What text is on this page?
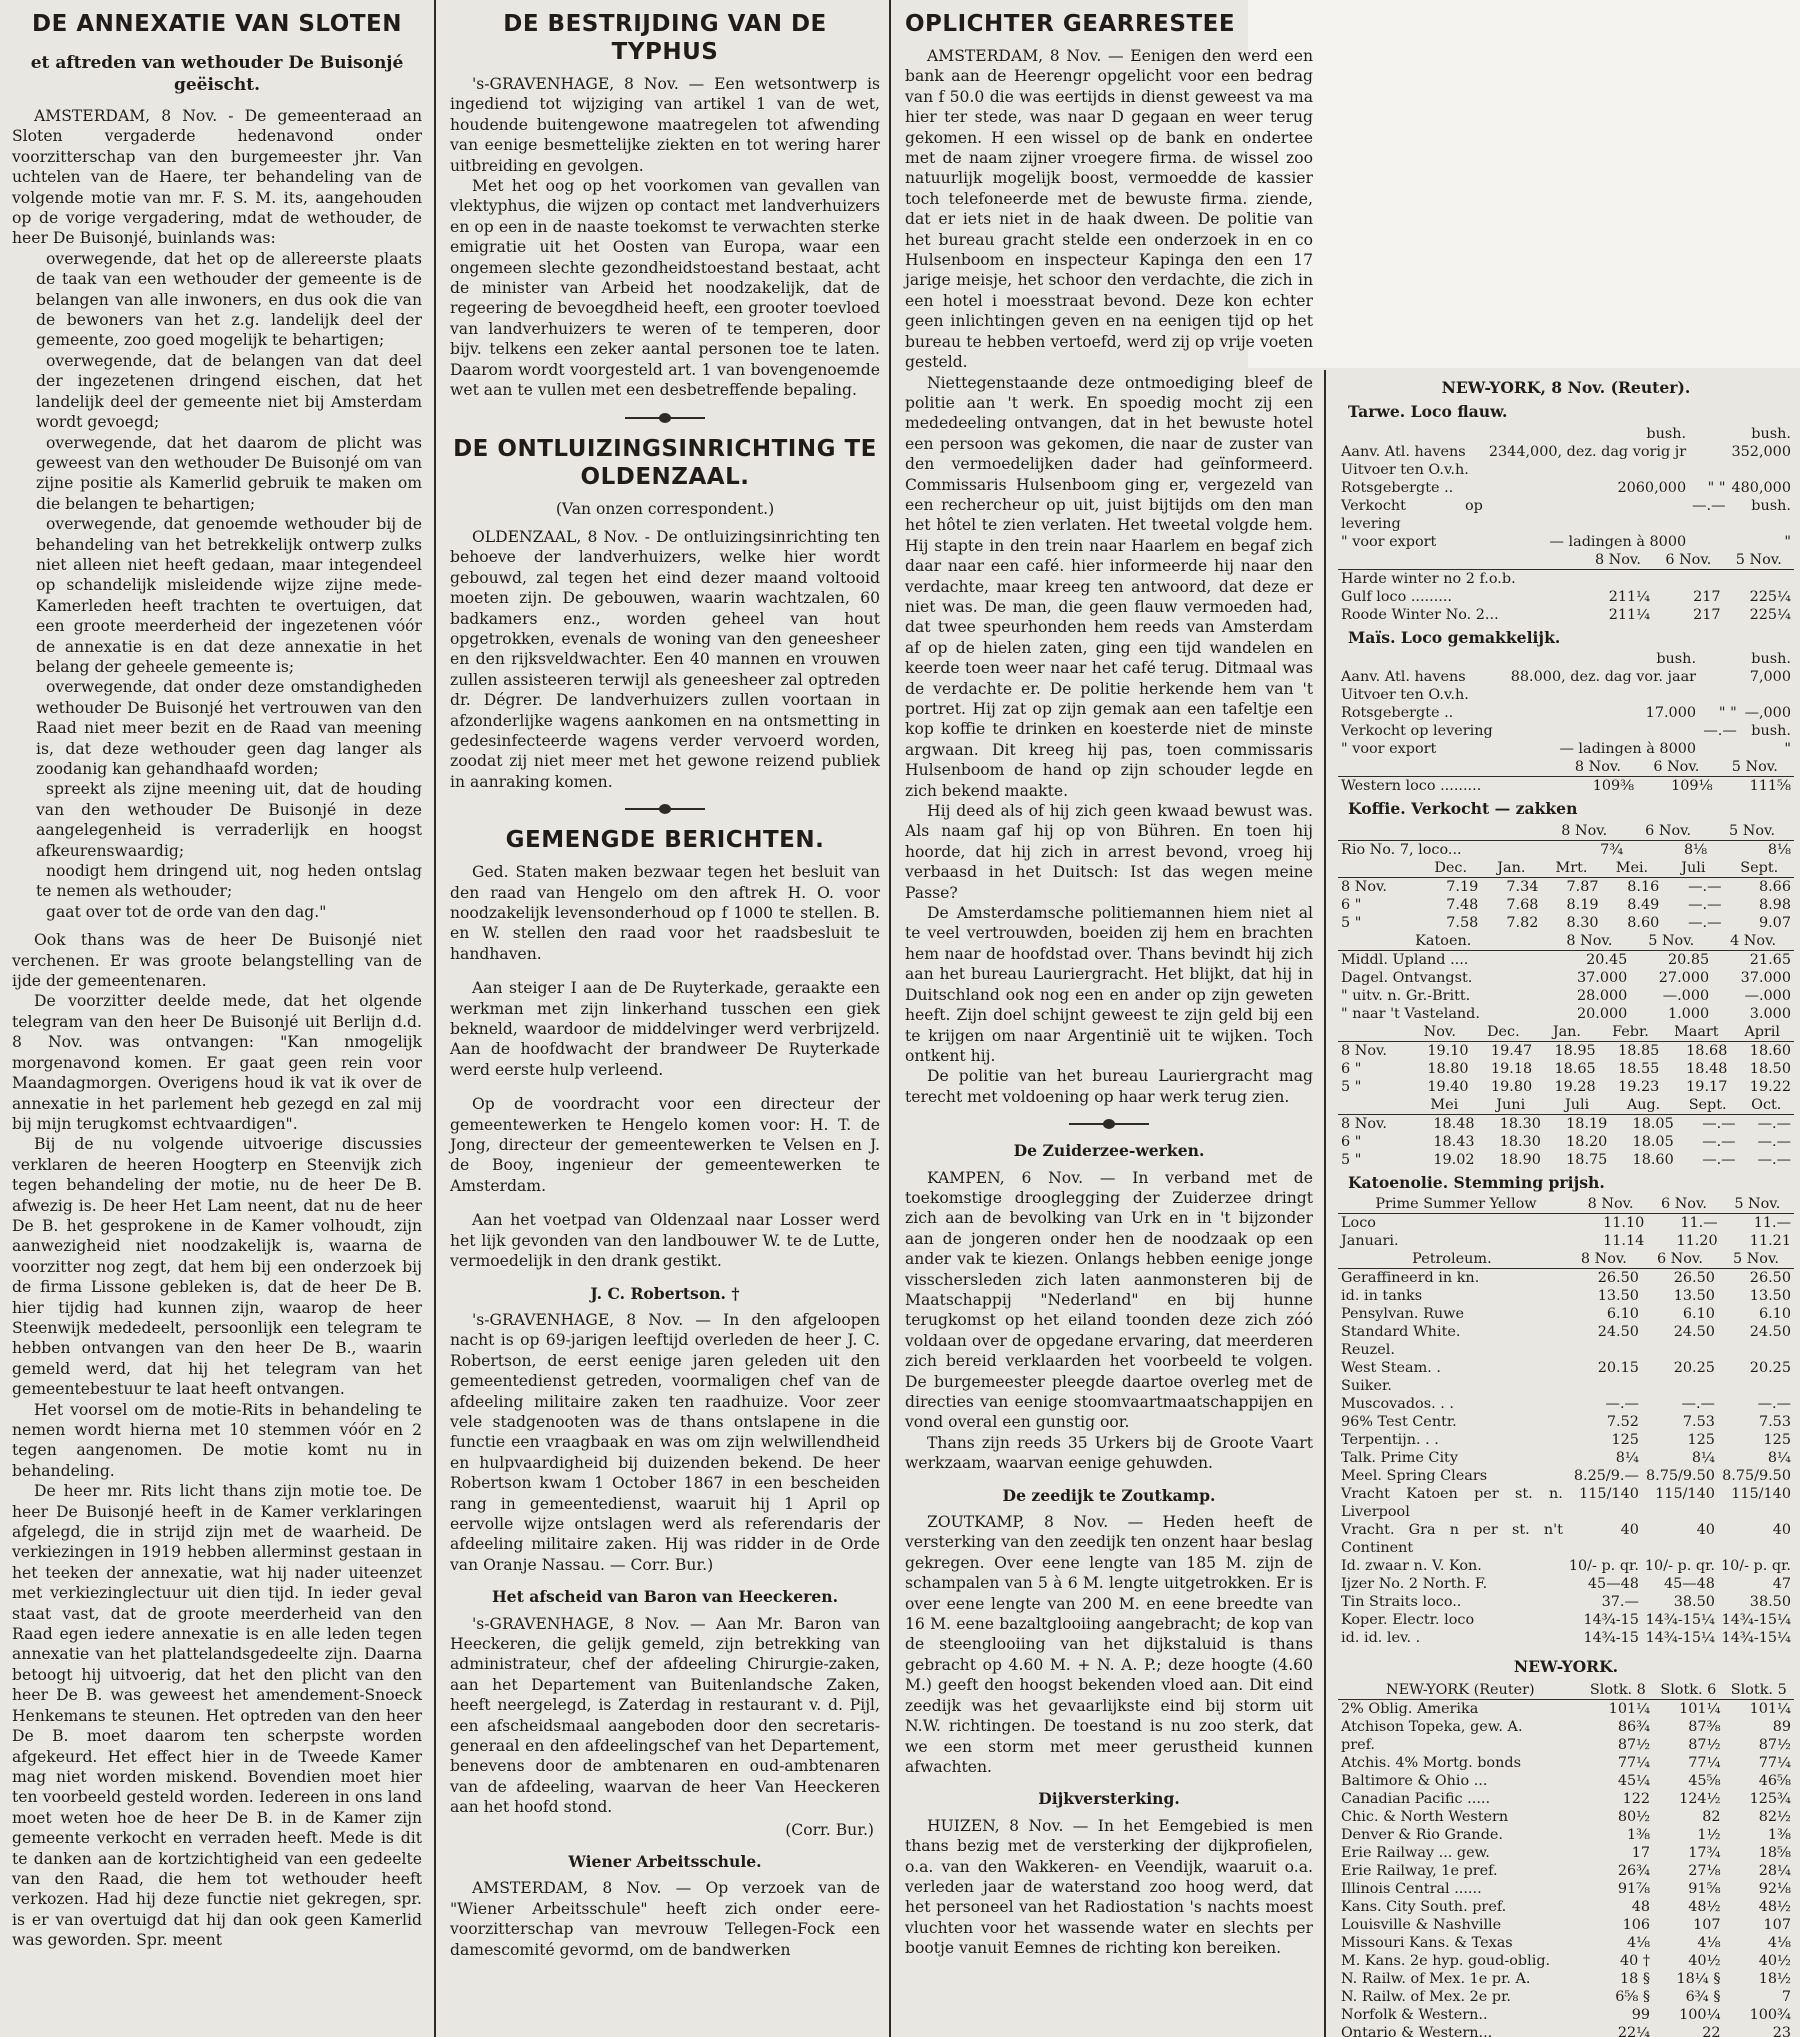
DE ANNEXATIE VAN SLOTEN
et aftreden van wethouder De Buisonjé geëischt.

AMSTERDAM, 8 Nov. - De gemeenteraad an Sloten vergaderde hedenavond onder voorzitterschap van den burgemeester jhr. Van uchtelen van de Haere, ter behandeling van de volgende motie van mr. F. S. M. its, aangehouden op de vorige vergadering, mdat de wethouder, de heer De Buisonjé, buinlands was:

overwegende, dat het op de allereerste plaats de taak van een wethouder der gemeente is de belangen van alle inwoners, en dus ook die van de bewoners van het z.g. landelijk deel der gemeente, zoo goed mogelijk te behartigen;

overwegende, dat de belangen van dat deel der ingezetenen dringend eischen, dat het landelijk deel der gemeente niet bij Amsterdam wordt gevoegd;

overwegende, dat het daarom de plicht was geweest van den wethouder De Buisonjé om van zijne positie als Kamerlid gebruik te maken om die belangen te behartigen;

overwegende, dat genoemde wethouder bij de behandeling van het betrekkelijk ontwerp zulks niet alleen niet heeft gedaan, maar integendeel op schandelijk misleidende wijze zijne mede-Kamerleden heeft trachten te overtuigen, dat een groote meerderheid der ingezetenen vóór de annexatie is en dat deze annexatie in het belang der geheele gemeente is;

overwegende, dat onder deze omstandigheden wethouder De Buisonjé het vertrouwen van den Raad niet meer bezit en de Raad van meening is, dat deze wethouder geen dag langer als zoodanig kan gehandhaafd worden;

spreekt als zijne meening uit, dat de houding van den wethouder De Buisonjé in deze aangelegenheid is verraderlijk en hoogst afkeurenswaardig;

noodigt hem dringend uit, nog heden ontslag te nemen als wethouder;

gaat over tot de orde van den dag."

Ook thans was de heer De Buisonjé niet verchenen. Er was groote belangstelling van de ijde der gemeentenaren.

De voorzitter deelde mede, dat het olgende telegram van den heer De Buisonjé uit Berlijn d.d. 8 Nov. was ontvangen: "Kan nmogelijk morgenavond komen. Er gaat geen rein voor Maandagmorgen. Overigens houd ik vat ik over de annexatie in het parlement heb gezegd en zal mij bij mijn terugkomst echtvaardigen".

Bij de nu volgende uitvoerige discussies verklaren de heeren Hoogterp en Steenvijk zich tegen behandeling der motie, nu de heer De B. afwezig is. De heer Het Lam neent, dat nu de heer De B. het gesprokene in de Kamer volhoudt, zijn aanwezigheid niet noodzakelijk is, waarna de voorzitter nog zegt, dat hem bij een onderzoek bij de firma Lissone gebleken is, dat de heer De B. hier tijdig had kunnen zijn, waarop de heer Steenwijk mededeelt, persoonlijk een telegram te hebben ontvangen van den heer De B., waarin gemeld werd, dat hij het telegram van het gemeentebestuur te laat heeft ontvangen.

Het voorsel om de motie-Rits in behandeling te nemen wordt hierna met 10 stemmen vóór en 2 tegen aangenomen. De motie komt nu in behandeling.

De heer mr. Rits licht thans zijn motie toe. De heer De Buisonjé heeft in de Kamer verklaringen afgelegd, die in strijd zijn met de waarheid. De verkiezingen in 1919 hebben allerminst gestaan in het teeken der annexatie, wat hij nader uiteenzet met verkiezinglectuur uit dien tijd. In ieder geval staat vast, dat de groote meerderheid van den Raad egen iedere annexatie is en alle leden tegen annexatie van het plattelandsgedeelte zijn. Daarna betoogt hij uitvoerig, dat het den plicht van den heer De B. was geweest het amendement-Snoeck Henkemans te steunen. Het optreden van den heer De B. moet daarom ten scherpste worden afgekeurd. Het effect hier in de Tweede Kamer mag niet worden miskend. Bovendien moet hier ten voorbeeld gesteld worden. Iedereen in ons land moet weten hoe de heer De B. in de Kamer zijn gemeente verkocht en verraden heeft. Mede is dit te danken aan de kortzichtigheid van een gedeelte van den Raad, die hem tot wethouder heeft verkozen. Had hij deze functie niet gekregen, spr. is er van overtuigd dat hij dan ook geen Kamerlid was geworden. Spr. meent

DE BESTRIJDING VAN DE TYPHUS

's-GRAVENHAGE, 8 Nov. — Een wetsontwerp is ingediend tot wijziging van artikel 1 van de wet, houdende buitengewone maatregelen tot afwending van eenige besmettelijke ziekten en tot wering harer uitbreiding en gevolgen.

Met het oog op het voorkomen van gevallen van vlektyphus, die wijzen op contact met landverhuizers en op een in de naaste toekomst te verwachten sterke emigratie uit het Oosten van Europa, waar een ongemeen slechte gezondheidstoestand bestaat, acht de minister van Arbeid het noodzakelijk, dat de regeering de bevoegdheid heeft, een grooter toevloed van landverhuizers te weren of te temperen, door bijv. telkens een zeker aantal personen toe te laten. Daarom wordt voorgesteld art. 1 van bovengenoemde wet aan te vullen met een desbetreffende bepaling.

DE ONTLUIZINGSINRICHTING TE OLDENZAAL.
(Van onzen correspondent.)

OLDENZAAL, 8 Nov. - De ontluizingsinrichting ten behoeve der landverhuizers, welke hier wordt gebouwd, zal tegen het eind dezer maand voltooid moeten zijn. De gebouwen, waarin wachtzalen, 60 badkamers enz., worden geheel van hout opgetrokken, evenals de woning van den geneesheer en den rijksveldwachter. Een 40 mannen en vrouwen zullen assisteeren terwijl als geneesheer zal optreden dr. Dégrer. De landverhuizers zullen voortaan in afzonderlijke wagens aankomen en na ontsmetting in gedesinfecteerde wagens verder vervoerd worden, zoodat zij niet meer met het gewone reizend publiek in aanraking komen.

GEMENGDE BERICHTEN.

Ged. Staten maken bezwaar tegen het besluit van den raad van Hengelo om den aftrek H. O. voor noodzakelijk levensonderhoud op f 1000 te stellen. B. en W. stellen den raad voor het raadsbesluit te handhaven.

Aan steiger I aan de De Ruyterkade, geraakte een werkman met zijn linkerhand tusschen een giek bekneld, waardoor de middelvinger werd verbrijzeld. Aan de hoofdwacht der brandweer De Ruyterkade werd eerste hulp verleend.

Op de voordracht voor een directeur der gemeentewerken te Hengelo komen voor: H. T. de Jong, directeur der gemeentewerken te Velsen en J. de Booy, ingenieur der gemeentewerken te Amsterdam.

Aan het voetpad van Oldenzaal naar Losser werd het lijk gevonden van den landbouwer W. te de Lutte, vermoedelijk in den drank gestikt.

J. C. Robertson. †

's-GRAVENHAGE, 8 Nov. — In den afgeloopen nacht is op 69-jarigen leeftijd overleden de heer J. C. Robertson, de eerst eenige jaren geleden uit den gemeentedienst getreden, voormaligen chef van de afdeeling militaire zaken ten raadhuize. Voor zeer vele stadgenooten was de thans ontslapene in die functie een vraagbaak en was om zijn welwillendheid en hulpvaardigheid bij duizenden bekend. De heer Robertson kwam 1 October 1867 in een bescheiden rang in gemeentedienst, waaruit hij 1 April op eervolle wijze ontslagen werd als referendaris der afdeeling militaire zaken. Hij was ridder in de Orde van Oranje Nassau. — Corr. Bur.)

Het afscheid van Baron van Heeckeren.

's-GRAVENHAGE, 8 Nov. — Aan Mr. Baron van Heeckeren, die gelijk gemeld, zijn betrekking van administrateur, chef der afdeeling Chirurgie-zaken, aan het Departement van Buitenlandsche Zaken, heeft neergelegd, is Zaterdag in restaurant v. d. Pijl, een afscheidsmaal aangeboden door den secretaris-generaal en den afdeelingschef van het Departement, benevens door de ambtenaren en oud-ambtenaren van de afdeeling, waarvan de heer Van Heeckeren aan het hoofd stond.

(Corr. Bur.)
Wiener Arbeitsschule.

AMSTERDAM, 8 Nov. — Op verzoek van de "Wiener Arbeitsschule" heeft zich onder eere-voorzitterschap van mevrouw Tellegen-Fock een damescomité gevormd, om de bandwerken

OPLICHTER GEARRESTEE

AMSTERDAM, 8 Nov. — Eenigen den werd een bank aan de Heerengr opgelicht voor een bedrag van f 50.0 die was eertijds in dienst geweest va ma hier ter stede, was naar D gegaan en weer terug gekomen. H een wissel op de bank en ondertee met de naam zijner vroegere firma. de wissel zoo natuurlijk mogelijk boost, vermoedde de kassier toch telefoneerde met de bewuste firma. ziende, dat er iets niet in de haak dween. De politie van het bureau gracht stelde een onderzoek in en co Hulsenboom en inspecteur Kapinga den een 17 jarige meisje, het schoor den verdachte, die zich in een hotel i moesstraat bevond. Deze kon echter geen inlichtingen geven en na eenigen tijd op het bureau te hebben vertoefd, werd zij op vrije voeten gesteld.

Niettegenstaande deze ontmoediging bleef de politie aan 't werk. En spoedig mocht zij een mededeeling ontvangen, dat in het bewuste hotel een persoon was gekomen, die naar de zuster van den vermoedelijken dader had geïnformeerd. Commissaris Hulsenboom ging er, vergezeld van een rechercheur op uit, juist bijtijds om den man het hôtel te zien verlaten. Het tweetal volgde hem. Hij stapte in den trein naar Haarlem en begaf zich daar naar een café. hier informeerde hij naar den verdachte, maar kreeg ten antwoord, dat deze er niet was. De man, die geen flauw vermoeden had, dat twee speurhonden hem reeds van Amsterdam af op de hielen zaten, ging een tijd wandelen en keerde toen weer naar het café terug. Ditmaal was de verdachte er. De politie herkende hem van 't portret. Hij zat op zijn gemak aan een tafeltje een kop koffie te drinken en koesterde niet de minste argwaan. Dit kreeg hij pas, toen commissaris Hulsenboom de hand op zijn schouder legde en zich bekend maakte.

Hij deed als of hij zich geen kwaad bewust was. Als naam gaf hij op von Bühren. En toen hij hoorde, dat hij zich in arrest bevond, vroeg hij verbaasd in het Duitsch: Ist das wegen meine Passe?

De Amsterdamsche politiemannen hiem niet al te veel vertrouwden, boeiden zij hem en brachten hem naar de hoofdstad over. Thans bevindt hij zich aan het bureau Lauriergracht. Het blijkt, dat hij in Duitschland ook nog een en ander op zijn geweten heeft. Zijn doel schijnt geweest te zijn geld bij een te krijgen om naar Argentinië uit te wijken. Toch ontkent hij.

De politie van het bureau Lauriergracht mag terecht met voldoening op haar werk terug zien.

De Zuiderzee-werken.

KAMPEN, 6 Nov. — In verband met de toekomstige drooglegging der Zuiderzee dringt zich aan de bevolking van Urk en in 't bijzonder aan de jongeren onder hen de noodzaak op een ander vak te kiezen. Onlangs hebben eenige jonge visschersleden zich laten aanmonsteren bij de Maatschappij "Nederland" en bij hunne terugkomst op het eiland toonden deze zich zóó voldaan over de opgedane ervaring, dat meerderen zich bereid verklaarden het voorbeeld te volgen. De burgemeester pleegde daartoe overleg met de directies van eenige stoomvaartmaatschappijen en vond overal een gunstig oor.

Thans zijn reeds 35 Urkers bij de Groote Vaart werkzaam, waarvan eenige gehuwden.

De zeedijk te Zoutkamp.

ZOUTKAMP, 8 Nov. — Heden heeft de versterking van den zeedijk ten onzent haar beslag gekregen. Over eene lengte van 185 M. zijn de schampalen van 5 à 6 M. lengte uitgetrokken. Er is over eene lengte van 200 M. en eene breedte van 16 M. eene bazaltglooiing aangebracht; de kop van de steenglooiing van het dijkstaluid is thans gebracht op 4.60 M. + N. A. P.; deze hoogte (4.60 M.) geeft den hoogst bekenden vloed aan. Dit eind zeedijk was het gevaarlijkste eind bij storm uit N.W. richtingen. De toestand is nu zoo sterk, dat we een storm met meer gerustheid kunnen afwachten.

Dijkversterking.

HUIZEN, 8 Nov. — In het Eemgebied is men thans bezig met de versterking der dijkprofielen, o.a. van den Wakkeren- en Veendijk, waaruit o.a. verleden jaar de waterstand zoo hoog werd, dat het personeel van het Radiostation 's nachts moest vluchten voor het wassende water en slechts per bootje vanuit Eemnes de richting kon bereiken.

NEW-YORK, 8 Nov. (Reuter).
Tarwe. Loco flauw.
	bush.		bush.
Aanv. Atl. havens	2344,000, dez. dag vorig jr		352,000
Uitvoer ten O.v.h.			
Rotsgebergte ..	2060,000	" "	480,000
Verkocht op levering		—.—	bush.
" voor export	— ladingen à 8000		"
	8 Nov.	6 Nov.	5 Nov.
Harde winter no 2 f.o.b.			
Gulf loco .........	211¼	217	225¼
Roode Winter No. 2...	211¼	217	225¼
Maïs. Loco gemakkelijk.
	bush.		bush.
Aanv. Atl. havens	88.000, dez. dag vor. jaar		7,000
Uitvoer ten O.v.h.			
Rotsgebergte ..	17.000	" "	—,000
Verkocht op levering		—.—	bush.
" voor export	— ladingen à 8000		"
	8 Nov.	6 Nov.	5 Nov.
Western loco .........	109⅜	109⅛	111⅝
Koffie. Verkocht — zakken
	8 Nov.	6 Nov.	5 Nov.
Rio No. 7, loco...	7¾	8⅛	8⅛
	Dec.	Jan.	Mrt.	Mei.	Juli	Sept.
8 Nov.	7.19	7.34	7.87	8.16	—.—	8.66
6 "	7.48	7.68	8.19	8.49	—.—	8.98
5 "	7.58	7.82	8.30	8.60	—.—	9.07
Katoen.	8 Nov.	5 Nov.	4 Nov.
Middl. Upland ....	20.45	20.85	21.65
Dagel. Ontvangst.	37.000	27.000	37.000
" uitv. n. Gr.-Britt.	28.000	—.000	—.000
" naar 't Vasteland.	20.000	1.000	3.000
	Nov.	Dec.	Jan.	Febr.	Maart	April
8 Nov.	19.10	19.47	18.95	18.85	18.68	18.60
6 "	18.80	19.18	18.65	18.55	18.48	18.50
5 "	19.40	19.80	19.28	19.23	19.17	19.22
	Mei	Juni	Juli	Aug.	Sept.	Oct.
8 Nov.	18.48	18.30	18.19	18.05	—.—	—.—
6 "	18.43	18.30	18.20	18.05	—.—	—.—
5 "	19.02	18.90	18.75	18.60	—.—	—.—
Katoenolie. Stemming prijsh.
Prime Summer Yellow	8 Nov.	6 Nov.	5 Nov.
Loco	11.10	11.—	11.—
Januari.	11.14	11.20	11.21
Petroleum.	8 Nov.	6 Nov.	5 Nov.
Geraffineerd in kn.	26.50	26.50	26.50
id. in tanks	13.50	13.50	13.50
Pensylvan. Ruwe	6.10	6.10	6.10
Standard White.	24.50	24.50	24.50
Reuzel.			
West Steam. .	20.15	20.25	20.25
Suiker.			
Muscovados. . .	—.—	—.—	—.—
96% Test Centr.	7.52	7.53	7.53
Terpentijn. . .	125	125	125
Talk. Prime City	8¼	8¼	8¼
Meel. Spring Clears	8.25/9.—	8.75/9.50	8.75/9.50
Vracht Katoen per st. n. Liverpool	115/140	115/140	115/140
Vracht. Gra n per st. n't Continent	40	40	40
Id. zwaar n. V. Kon.	10/- p. qr.	10/- p. qr.	10/- p. qr.
Ijzer No. 2 North. F.	45—48	45—48	47
Tin Straits loco..	37.—	38.50	38.50
Koper. Electr. loco	14¾-15	14¾-15¼	14¾-15¼
id. id. lev. .	14¾-15	14¾-15¼	14¾-15¼
NEW-YORK.
NEW-YORK (Reuter)	Slotk. 8	Slotk. 6	Slotk. 5
2% Oblig. Amerika	101¼	101¼	101¼
Atchison Topeka, gew. A.	86¾	87⅜	89
pref.	87½	87½	87½
Atchis. 4% Mortg. bonds	77¼	77¼	77¼
Baltimore & Ohio ...	45¼	45⅝	46⅝
Canadian Pacific .....	122	124½	125¾
Chic. & North Western	80½	82	82½
Denver & Rio Grande.	1⅜	1½	1⅜
Erie Railway ... gew.	17	17¾	18⅝
Erie Railway, 1e pref.	26¾	27⅛	28¼
Illinois Central ......	91⅞	91⅝	92⅛
Kans. City South. pref.	48	48½	48½
Louisville & Nashville	106	107	107
Missouri Kans. & Texas	4⅛	4⅛	4⅛
M. Kans. 2e hyp. goud-oblig.	40 †	40½	40½
N. Railw. of Mex. 1e pr. A.	18 §	18¼ §	18½
N. Railw. of Mex. 2e pr.	6⅝ §	6¾ §	7
Norfolk & Western..	99	100¼	100¾
Ontario & Western...	22¼	22	23
